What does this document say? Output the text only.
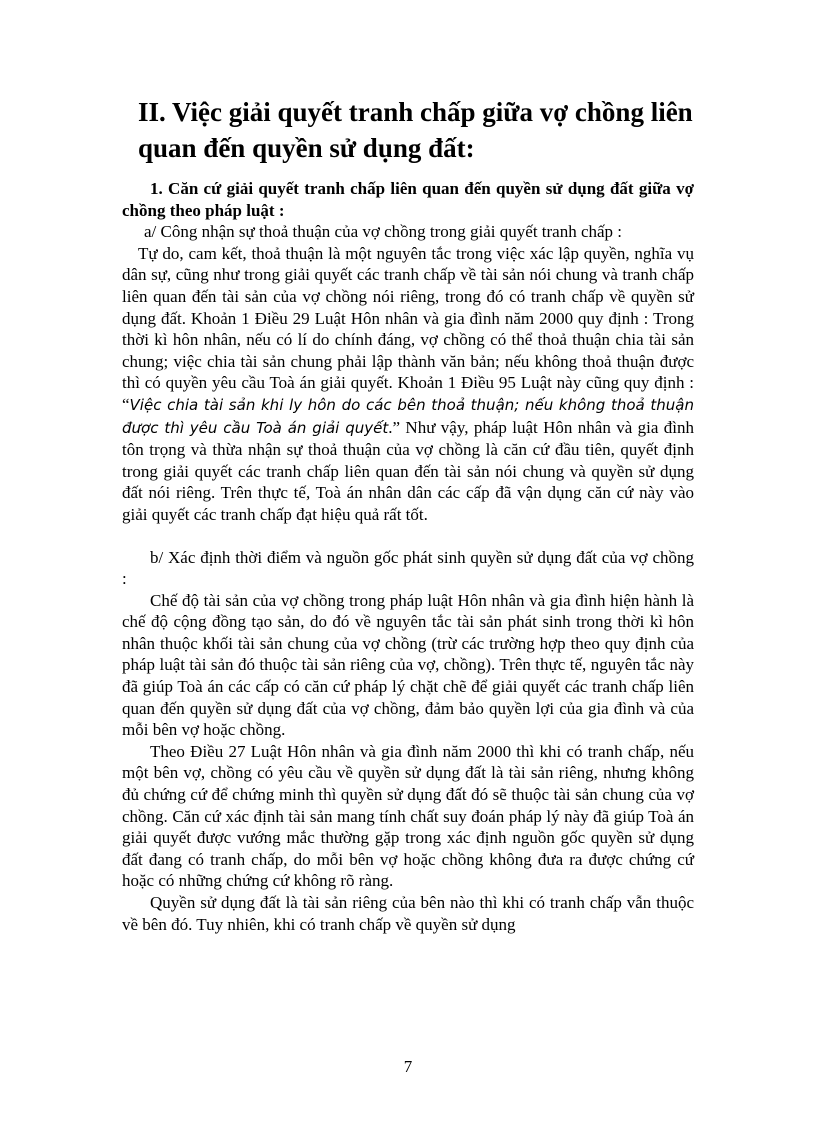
II. Việc giải quyết tranh chấp giữa vợ chồng liên quan đến quyền sử dụng đất:

1. Căn cứ giải quyết tranh chấp liên quan đến quyền sử dụng đất giữa vợ chồng theo pháp luật :

a/ Công nhận sự thoả thuận của vợ chồng trong giải quyết tranh chấp :

Tự do, cam kết, thoả thuận là một nguyên tắc trong việc xác lập quyền, nghĩa vụ dân sự, cũng như trong giải quyết các tranh chấp về tài sản nói chung và tranh chấp liên quan đến tài sản của vợ chồng nói riêng, trong đó có tranh chấp về quyền sử dụng đất. Khoản 1 Điều 29 Luật Hôn nhân và gia đình năm 2000 quy định : Trong thời kì hôn nhân, nếu có lí do chính đáng, vợ chồng có thể thoả thuận chia tài sản chung; việc chia tài sản chung phải lập thành văn bản; nếu không thoả thuận được thì có quyền yêu cầu Toà án giải quyết. Khoản 1 Điều 95 Luật này cũng quy định : “Việc chia tài sản khi ly hôn do các bên thoả thuận; nếu không thoả thuận được thì yêu cầu Toà án giải quyết.” Như vậy, pháp luật Hôn nhân và gia đình tôn trọng và thừa nhận sự thoả thuận của vợ chồng là căn cứ đầu tiên, quyết định trong giải quyết các tranh chấp liên quan đến tài sản nói chung và quyền sử dụng đất nói riêng. Trên thực tế, Toà án nhân dân các cấp đã vận dụng căn cứ này vào giải quyết các tranh chấp đạt hiệu quả rất tốt.

b/ Xác định thời điểm và nguồn gốc phát sinh quyền sử dụng đất của vợ chồng :

Chế độ tài sản của vợ chồng trong pháp luật Hôn nhân và gia đình hiện hành là chế độ cộng đồng tạo sản, do đó về nguyên tắc tài sản phát sinh trong thời kì hôn nhân thuộc khối tài sản chung của vợ chồng (trừ các trường hợp theo quy định của pháp luật tài sản đó thuộc tài sản riêng của vợ, chồng). Trên thực tế, nguyên tắc này đã giúp Toà án các cấp có căn cứ pháp lý chặt chẽ để giải quyết các tranh chấp liên quan đến quyền sử dụng đất của vợ chồng, đảm bảo quyền lợi của gia đình và của mỗi bên vợ hoặc chồng.

Theo Điều 27 Luật Hôn nhân và gia đình năm 2000 thì khi có tranh chấp, nếu một bên vợ, chồng có yêu cầu về quyền sử dụng đất là tài sản riêng, nhưng không đủ chứng cứ để chứng minh thì quyền sử dụng đất đó sẽ thuộc tài sản chung của vợ chồng. Căn cứ xác định tài sản mang tính chất suy đoán pháp lý này đã giúp Toà án giải quyết được vướng mắc thường gặp trong xác định nguồn gốc quyền sử dụng đất đang có tranh chấp, do mỗi bên vợ hoặc chồng không đưa ra được chứng cứ hoặc có những chứng cứ không rõ ràng.

Quyền sử dụng đất là tài sản riêng của bên nào thì khi có tranh chấp vẫn thuộc về bên đó. Tuy nhiên, khi có tranh chấp về quyền sử dụng

7
